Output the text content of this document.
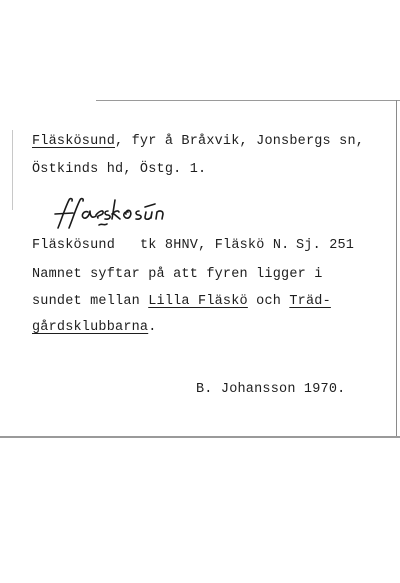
Fläskösund, fyr å Bråxvik, Jonsbergs sn,
Östkinds hd, Östg. 1.
Fläskösund tk 8HNV, Fläskö N. Sj. 251
Namnet syftar på att fyren ligger i
sundet mellan Lilla Fläskö och Träd-
gårdsklubbarna.
B. Johansson 1970.
